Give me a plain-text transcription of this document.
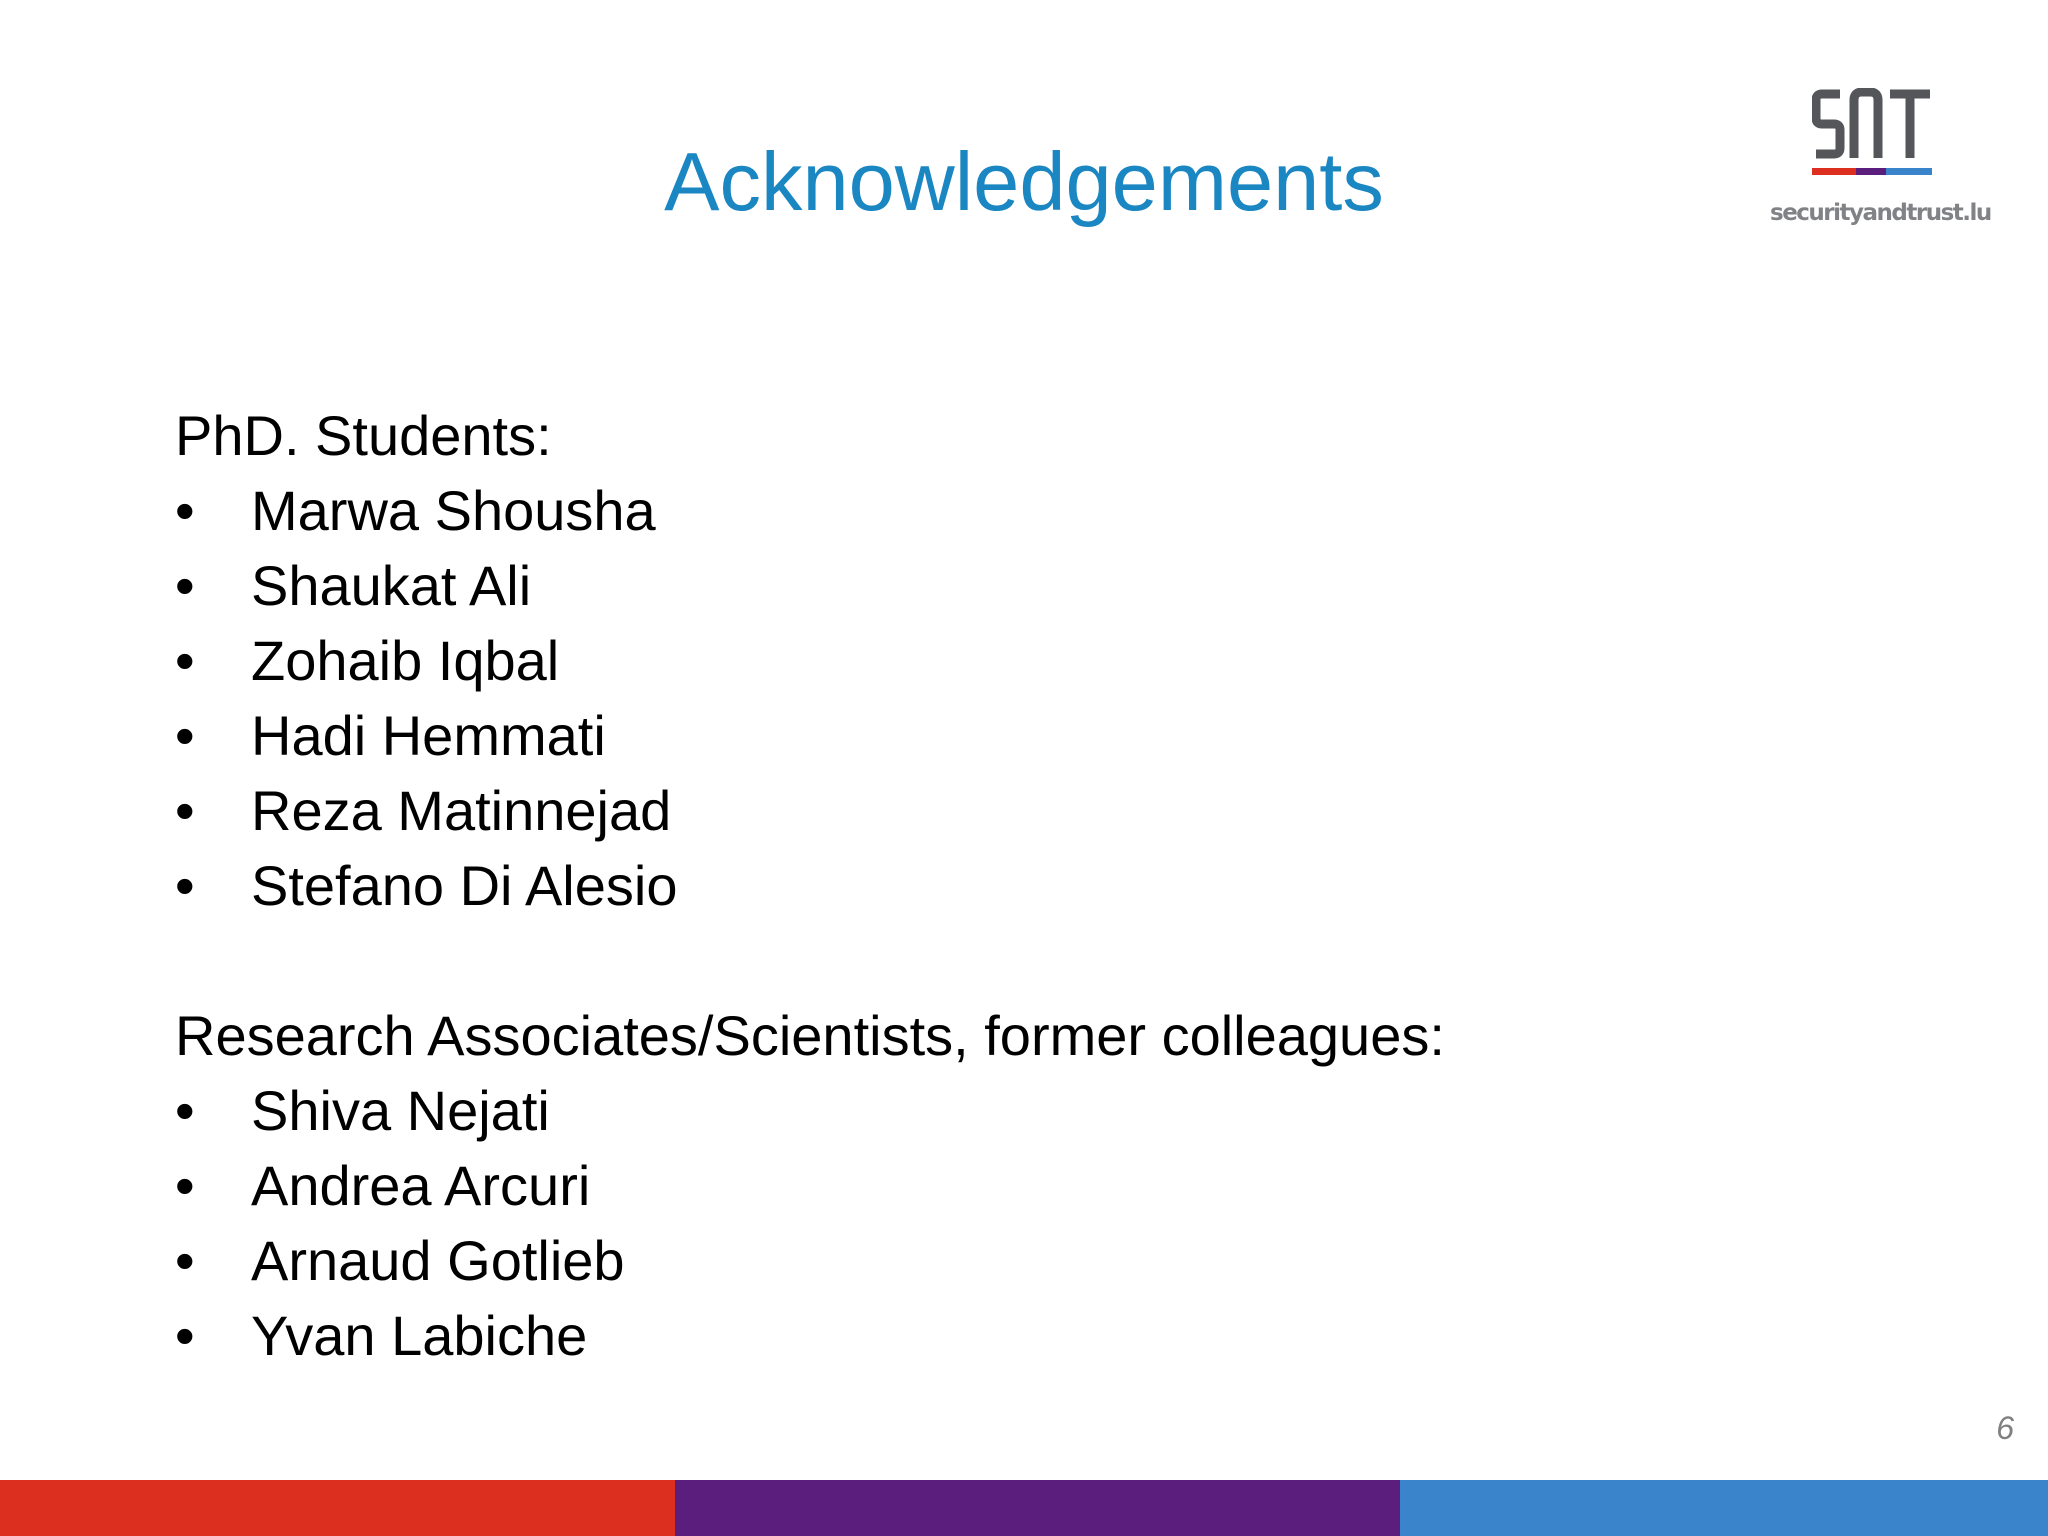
Acknowledgements	securityandtrust.lu
PhD. Students:
•	Marwa Shousha
•	Shaukat Ali
•	Zohaib Iqbal
•	Hadi Hemmati
•	Reza Matinnejad
•	Stefano Di Alesio
Research Associates/Scientists, former colleagues:
•	Shiva Nejati
•	Andrea Arcuri
•	Arnaud Gotlieb
•	Yvan Labiche
6
